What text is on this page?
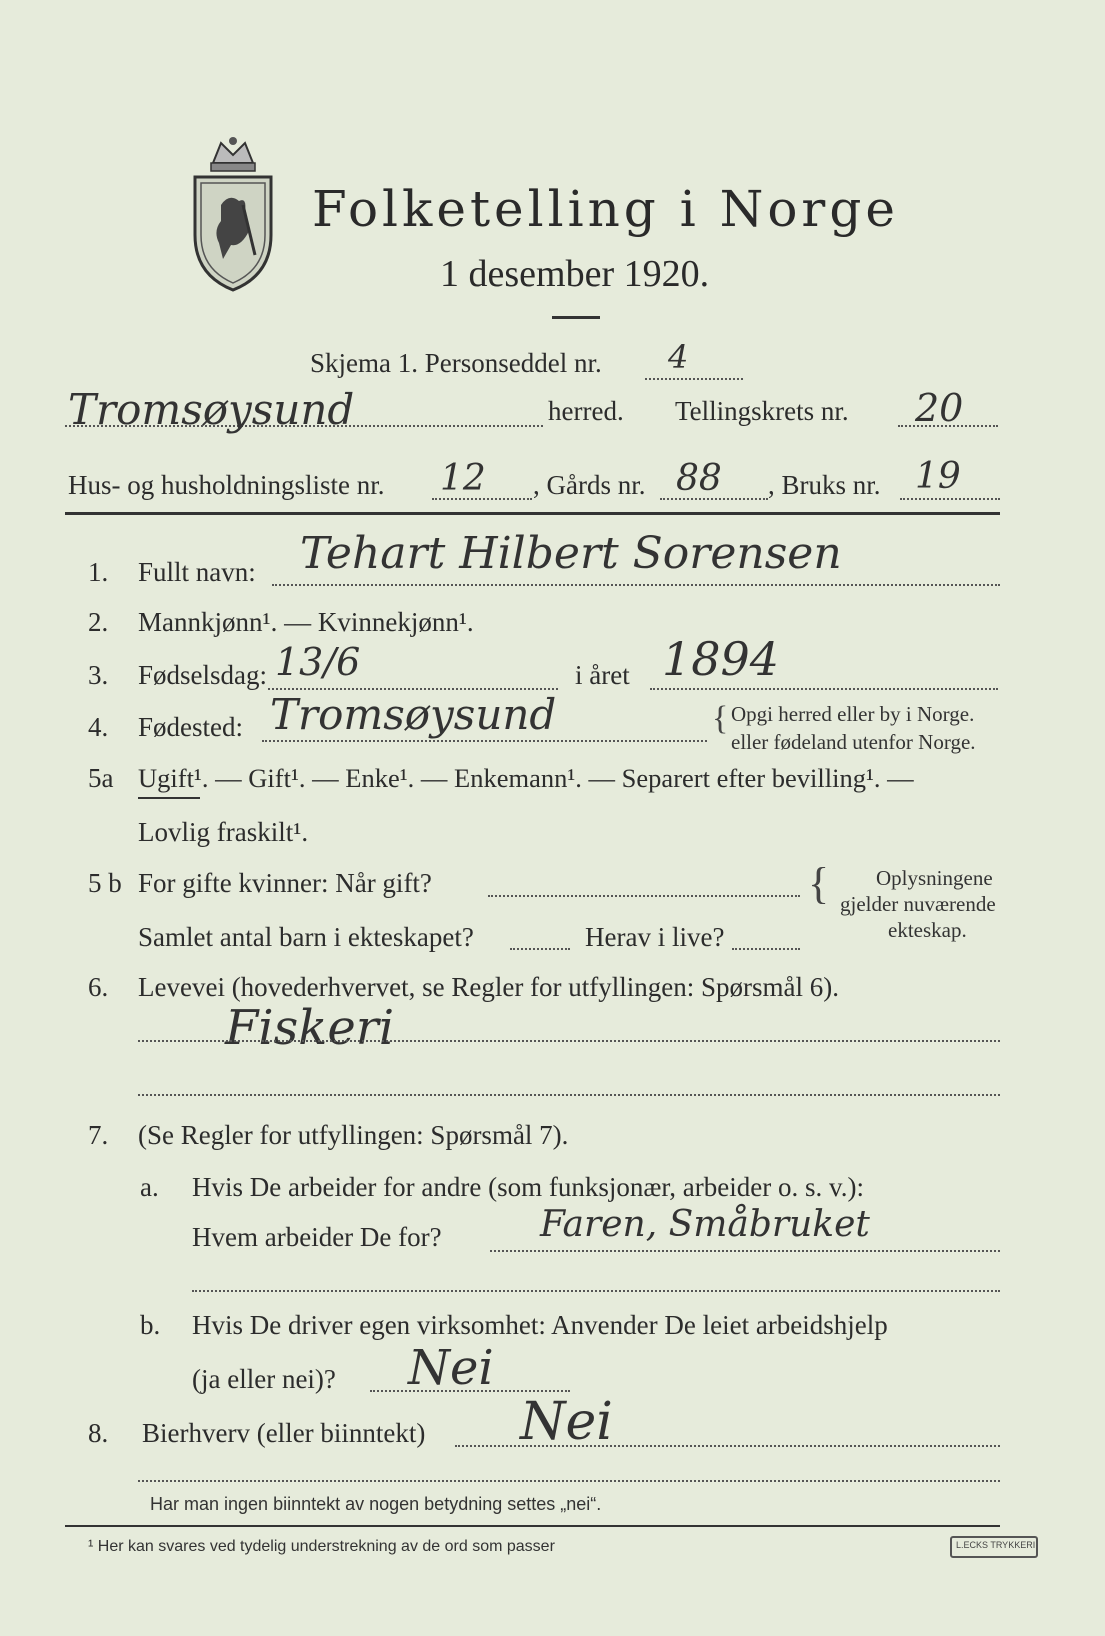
Folketelling i Norge
1 desember 1920.
Skjema 1. Personseddel nr. 4
Tromsøysund	herred. Tellingskrets nr. 20
Hus- og husholdningsliste nr. 12 , Gårds nr. 88 , Bruks nr. 19
1. Fullt navn: Tehart Hilbert Sorensen
2. Mannkjønn¹. — Kvinnekjønn¹.
3. Fødselsdag: 13/6	i året 1894
4. Fødested: Tromsøysund	{ Opgi herred eller by i Norge.
eller fødeland utenfor Norge.
5a Ugift¹. — Gift¹. — Enke¹. — Enkemann¹. — Separert efter bevilling¹. —
Lovlig fraskilt¹.
5 b For gifte kvinner: Når gift?
Samlet antal barn i ekteskapet?	Herav i live?
{ Oplysningene
gjelder nuværende
ekteskap.
6. Levevei (hovederhvervet, se Regler for utfyllingen: Spørsmål 6).
Fiskeri
7. (Se Regler for utfyllingen: Spørsmål 7).
a. Hvis De arbeider for andre (som funksjonær, arbeider o. s. v.):
Hvem arbeider De for?	Faren, Småbruket
b. Hvis De driver egen virksomhet: Anvender De leiet arbeidshjelp
(ja eller nei)? Nei
8. Bierhverv (eller biinntekt) Nei
Har man ingen biinntekt av nogen betydning settes „nei“.
¹ Her kan svares ved tydelig understrekning av de ord som passer	L.ECKS TRYKKERI
